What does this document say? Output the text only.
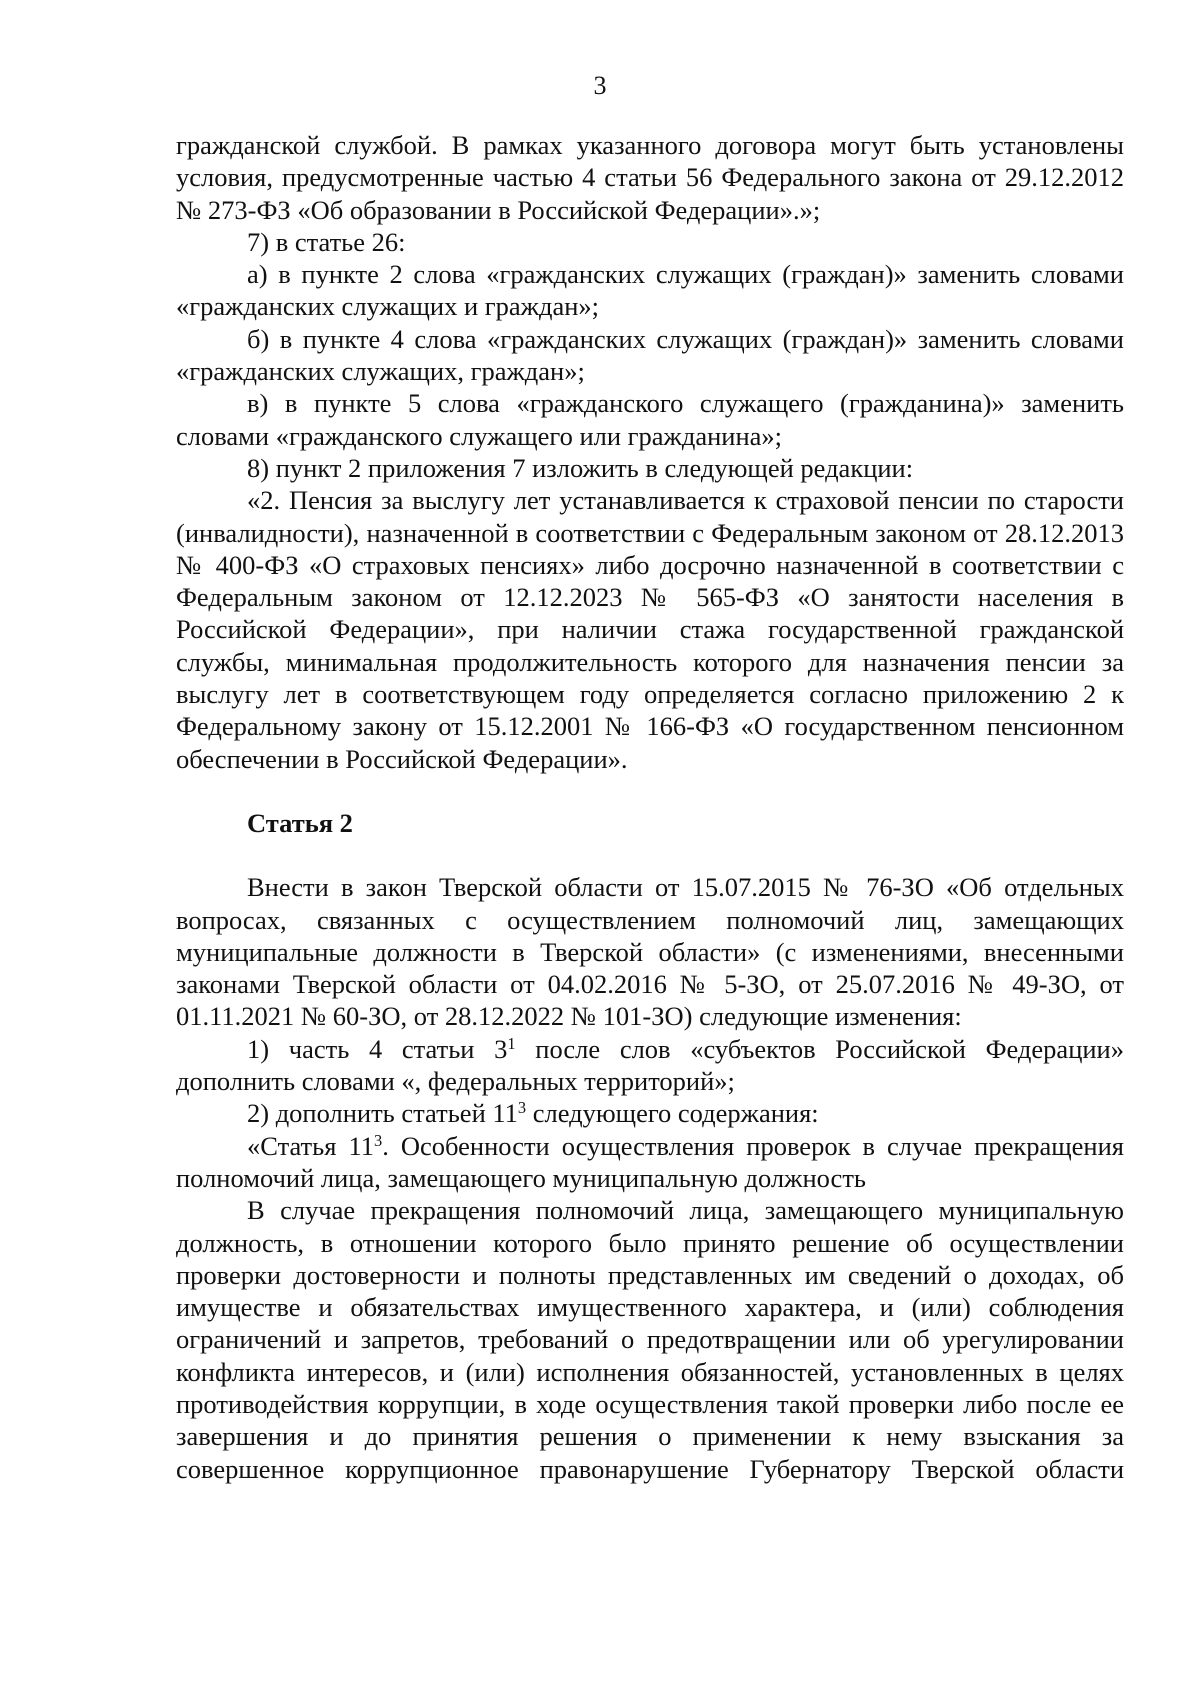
3

гражданской службой. В рамках указанного договора могут быть установлены условия, предусмотренные частью 4 статьи 56 Федерального закона от 29.12.2012 № 273-ФЗ «Об образовании в Российской Федерации».»;

7) в статье 26:

а) в пункте 2 слова «гражданских служащих (граждан)» заменить словами «гражданских служащих и граждан»;

б) в пункте 4 слова «гражданских служащих (граждан)» заменить словами «гражданских служащих, граждан»;

в) в пункте 5 слова «гражданского служащего (гражданина)» заменить словами «гражданского служащего или гражданина»;

8) пункт 2 приложения 7 изложить в следующей редакции:

«2. Пенсия за выслугу лет устанавливается к страховой пенсии по старости (инвалидности), назначенной в соответствии с Федеральным законом от 28.12.2013 № 400-ФЗ «О страховых пенсиях» либо досрочно назначенной в соответствии с Федеральным законом от 12.12.2023 № 565-ФЗ «О занятости населения в Российской Федерации», при наличии стажа государственной гражданской службы, минимальная продолжительность которого для назначения пенсии за выслугу лет в соответствующем году определяется согласно приложению 2 к Федеральному закону от 15.12.2001 № 166-ФЗ «О государственном пенсионном обеспечении в Российской Федерации».

Статья 2

Внести в закон Тверской области от 15.07.2015 № 76-ЗО «Об отдельных вопросах, связанных с осуществлением полномочий лиц, замещающих муниципальные должности в Тверской области» (с изменениями, внесенными законами Тверской области от 04.02.2016 № 5-ЗО, от 25.07.2016 № 49-ЗО, от 01.11.2021 № 60-ЗО, от 28.12.2022 № 101-ЗО) следующие изменения:

1) часть 4 статьи $3^1$ после слов «субъектов Российской Федерации» дополнить словами «, федеральных территорий»;

2) дополнить статьей $11^3$ следующего содержания:

«Статья $11^3$. Особенности осуществления проверок в случае прекращения полномочий лица, замещающего муниципальную должность

В случае прекращения полномочий лица, замещающего муниципальную должность, в отношении которого было принято решение об осуществлении проверки достоверности и полноты представленных им сведений о доходах, об имуществе и обязательствах имущественного характера, и (или) соблюдения ограничений и запретов, требований о предотвращении или об урегулировании конфликта интересов, и (или) исполнения обязанностей, установленных в целях противодействия коррупции, в ходе осуществления такой проверки либо после ее завершения и до принятия решения о применении к нему взыскания за совершенное коррупционное правонарушение Губернатору Тверской области
